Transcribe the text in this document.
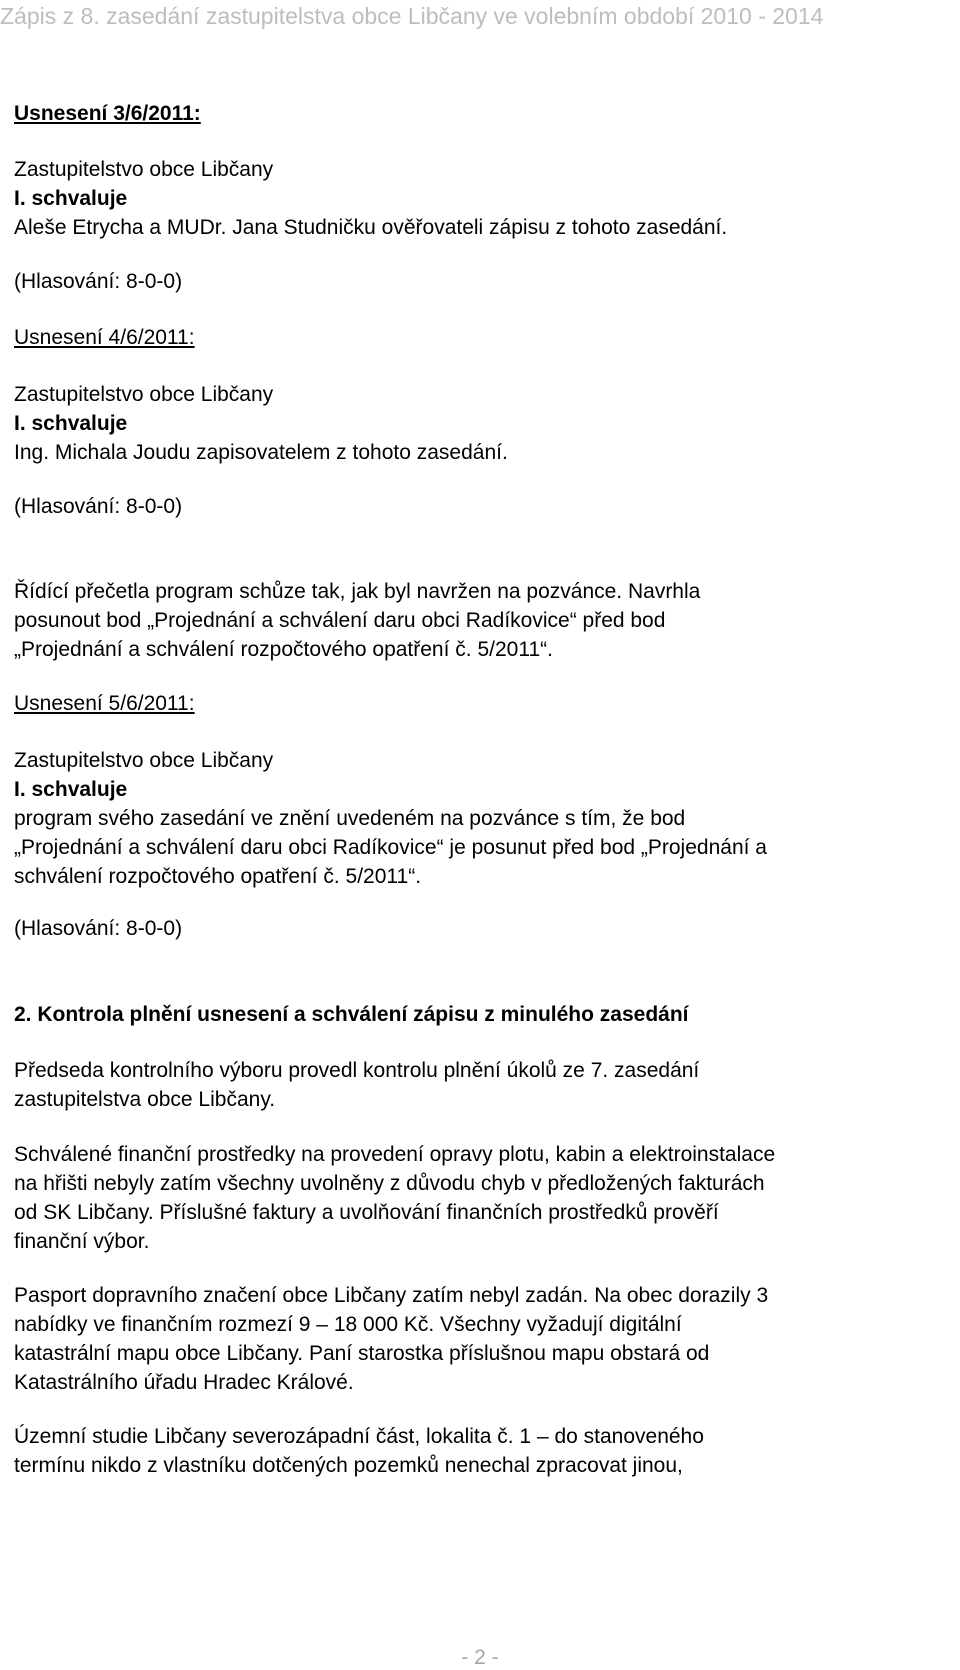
Zápis z 8. zasedání zastupitelstva obce Libčany ve volebním období 2010 - 2014
Usnesení 3/6/2011:
Zastupitelstvo obce Libčany
I. schvaluje
Aleše Etrycha a MUDr. Jana Studničku ověřovateli zápisu z tohoto zasedání.
(Hlasování: 8-0-0)
Usnesení 4/6/2011:
Zastupitelstvo obce Libčany
I. schvaluje
Ing. Michala Joudu zapisovatelem z tohoto zasedání.
(Hlasování: 8-0-0)
Řídící přečetla program schůze tak, jak byl navržen na pozvánce. Navrhla
posunout bod „Projednání a schválení daru obci Radíkovice“ před bod
„Projednání a schválení rozpočtového opatření č. 5/2011“.
Usnesení 5/6/2011:
Zastupitelstvo obce Libčany
I. schvaluje
program svého zasedání ve znění uvedeném na pozvánce s tím, že bod
„Projednání a schválení daru obci Radíkovice“ je posunut před bod „Projednání a
schválení rozpočtového opatření č. 5/2011“.
(Hlasování: 8-0-0)
2. Kontrola plnění usnesení a schválení zápisu z minulého zasedání
Předseda kontrolního výboru provedl kontrolu plnění úkolů ze 7. zasedání
zastupitelstva obce Libčany.
Schválené finanční prostředky na provedení opravy plotu, kabin a elektroinstalace
na hřišti nebyly zatím všechny uvolněny z důvodu chyb v předložených fakturách
od SK Libčany. Příslušné faktury a uvolňování finančních prostředků prověří
finanční výbor.
Pasport dopravního značení obce Libčany zatím nebyl zadán. Na obec dorazily 3
nabídky ve finančním rozmezí 9 – 18 000 Kč. Všechny vyžadují digitální
katastrální mapu obce Libčany. Paní starostka příslušnou mapu obstará od
Katastrálního úřadu Hradec Králové.
Územní studie Libčany severozápadní část, lokalita č. 1 – do stanoveného
termínu nikdo z vlastníku dotčených pozemků nenechal zpracovat jinou,
- 2 -
